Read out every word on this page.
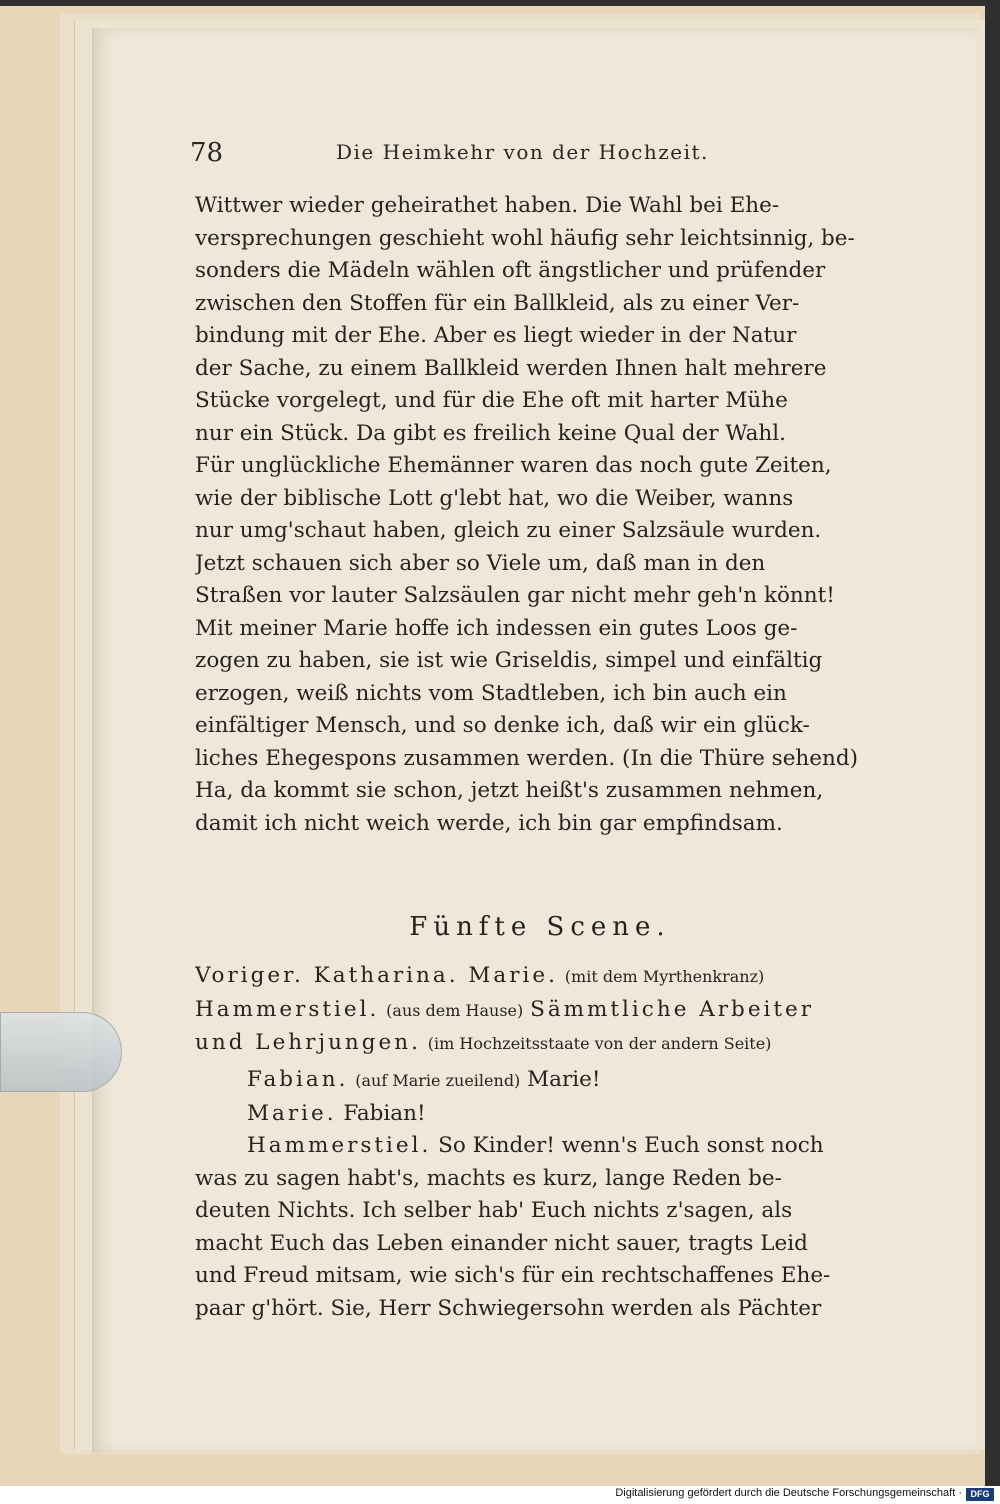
78	Die Heimkehr von der Hochzeit.
Wittwer wieder geheirathet haben. Die Wahl bei Ehe-
versprechungen geschieht wohl häufig sehr leichtsinnig, be-
sonders die Mädeln wählen oft ängstlicher und prüfender
zwischen den Stoffen für ein Ballkleid, als zu einer Ver-
bindung mit der Ehe. Aber es liegt wieder in der Natur
der Sache, zu einem Ballkleid werden Ihnen halt mehrere
Stücke vorgelegt, und für die Ehe oft mit harter Mühe
nur ein Stück. Da gibt es freilich keine Qual der Wahl.
Für unglückliche Ehemänner waren das noch gute Zeiten,
wie der biblische Lott g'lebt hat, wo die Weiber, wanns
nur umg'schaut haben, gleich zu einer Salzsäule wurden.
Jetzt schauen sich aber so Viele um, daß man in den
Straßen vor lauter Salzsäulen gar nicht mehr geh'n könnt!
Mit meiner Marie hoffe ich indessen ein gutes Loos ge-
zogen zu haben, sie ist wie Griseldis, simpel und einfältig
erzogen, weiß nichts vom Stadtleben, ich bin auch ein
einfältiger Mensch, und so denke ich, daß wir ein glück-
liches Ehegespons zusammen werden. (In die Thüre sehend)
Ha, da kommt sie schon, jetzt heißt's zusammen nehmen,
damit ich nicht weich werde, ich bin gar empfindsam.
Fünfte Scene.
Voriger. Katharina. Marie. (mit dem Myrthenkranz)
Hammerstiel. (aus dem Hause) Sämmtliche Arbeiter
und Lehrjungen. (im Hochzeitsstaate von der andern Seite)
Fabian. (auf Marie zueilend) Marie!
Marie. Fabian!
Hammerstiel. So Kinder! wenn's Euch sonst noch
was zu sagen habt's, machts es kurz, lange Reden be-
deuten Nichts. Ich selber hab' Euch nichts z'sagen, als
macht Euch das Leben einander nicht sauer, tragts Leid
und Freud mitsam, wie sich's für ein rechtschaffenes Ehe-
paar g'hört. Sie, Herr Schwiegersohn werden als Pächter
Digitalisierung gefördert durch die Deutsche Forschungsgemeinschaft · DFG
